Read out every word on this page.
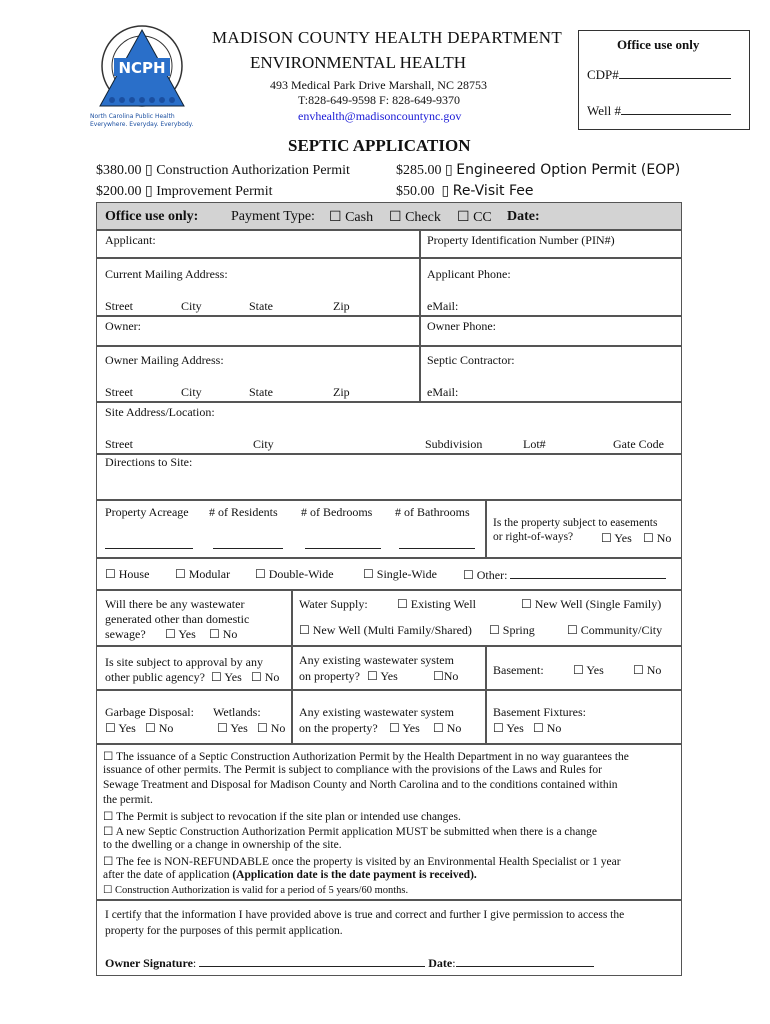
NCPH
North Carolina Public Health
Everywhere. Everyday. Everybody.
MADISON COUNTY HEALTH DEPARTMENT
ENVIRONMENTAL HEALTH
493 Medical Park Drive Marshall, NC 28753
T:828-649-9598 F: 828-649-9370
envhealth@madisoncountync.gov
Office use only
CDP#
Well #
SEPTIC APPLICATION
$380.00 ▯ Construction Authorization Permit	$285.00 ▯ Engineered Option Permit (EOP)
$200.00 ▯ Improvement Permit	$50.00 ▯ Re-Visit Fee
Office use only: Payment Type: ☐ Cash ☐ Check ☐ CC Date:
Applicant:	Property Identification Number (PIN#)
Current Mailing Address:
Street	City	State	Zip
Applicant Phone:
eMail:
Owner:	Owner Phone:
Owner Mailing Address:
Street	City	State	Zip
Septic Contractor:
eMail:
Site Address/Location:
Street	City	Subdivision	Lot#	Gate Code
Directions to Site:
Property Acreage # of Residents # of Bedrooms # of Bathrooms
Is the property subject to easements
or right-of-ways? ☐ Yes ☐ No
☐ House ☐ Modular ☐ Double-Wide ☐ Single-Wide ☐ Other:
Will there be any wastewater
generated other than domestic
sewage? ☐ Yes ☐ No
Water Supply: ☐ Existing Well	☐ New Well (Single Family)
☐ New Well (Multi Family/Shared) ☐ Spring	☐ Community/City
Is site subject to approval by any
other public agency? ☐ Yes ☐ No
Any existing wastewater system
on property? ☐ Yes	☐No	Basement: ☐ Yes ☐ No
Garbage Disposal: Wetlands:
☐ Yes ☐ No	☐ Yes ☐ No
Any existing wastewater system
on the property? ☐ Yes ☐ No
Basement Fixtures:
☐ Yes ☐ No
☐ The issuance of a Septic Construction Authorization Permit by the Health Department in no way guarantees the
issuance of other permits. The Permit is subject to compliance with the provisions of the Laws and Rules for
Sewage Treatment and Disposal for Madison County and North Carolina and to the conditions contained within
the permit.
☐ The Permit is subject to revocation if the site plan or intended use changes.
☐ A new Septic Construction Authorization Permit application MUST be submitted when there is a change
to the dwelling or a change in ownership of the site.
☐ The fee is NON-REFUNDABLE once the property is visited by an Environmental Health Specialist or 1 year
after the date of application (Application date is the date payment is received).
☐ Construction Authorization is valid for a period of 5 years/60 months.
I certify that the information I have provided above is true and correct and further I give permission to access the
property for the purposes of this permit application.
Owner Signature:	Date:
